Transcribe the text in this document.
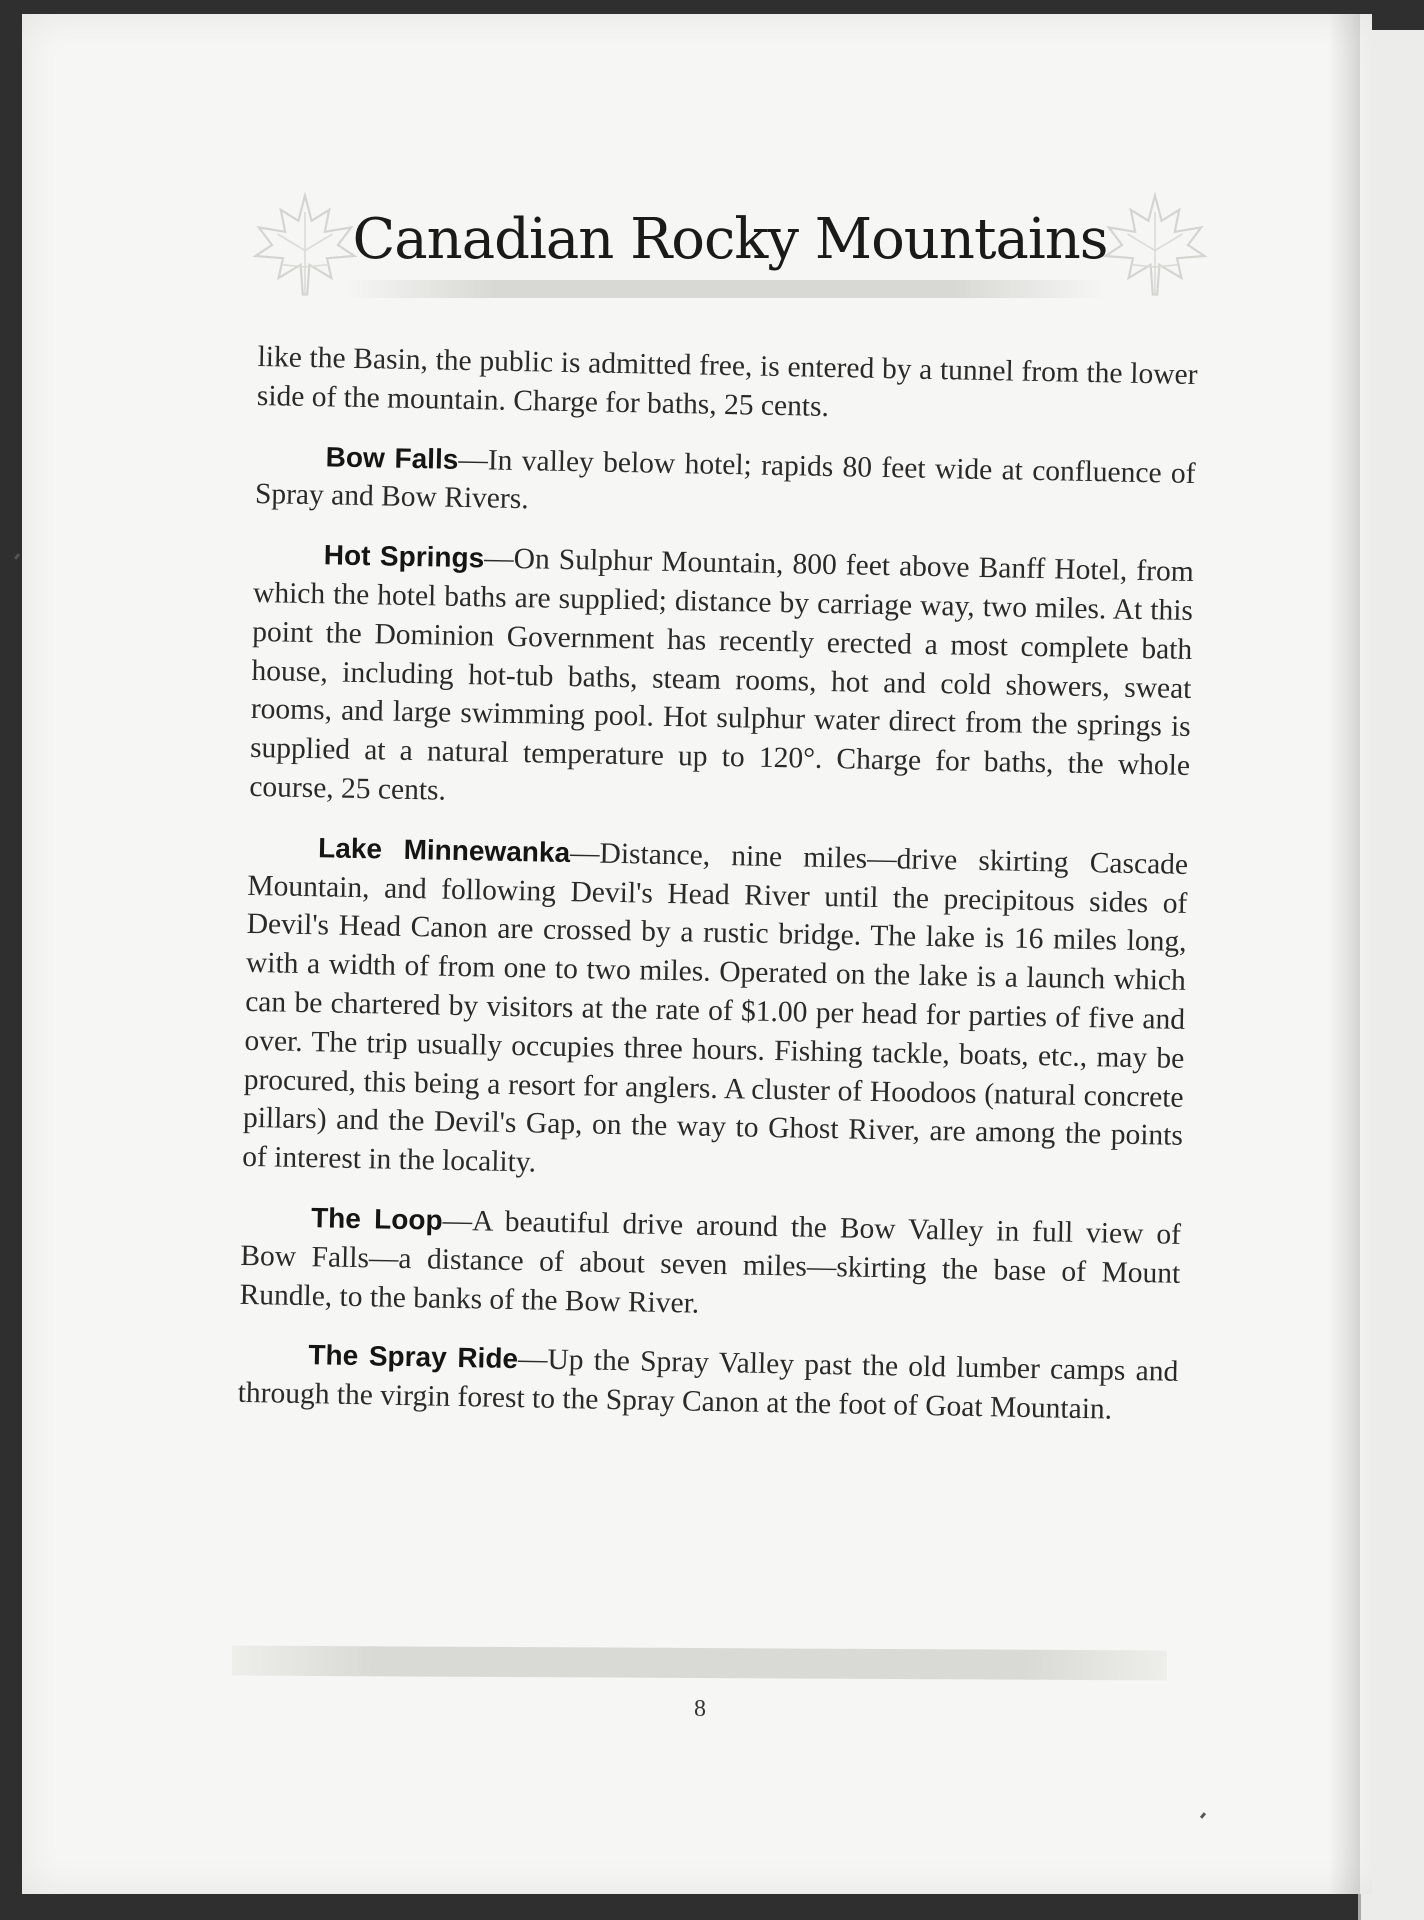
Canadian Rocky Mountains

like the Basin, the public is admitted free, is entered by a tunnel from the lower side of the mountain. Charge for baths, 25 cents.

Bow Falls—In valley below hotel; rapids 80 feet wide at confluence of Spray and Bow Rivers.

Hot Springs—On Sulphur Mountain, 800 feet above Banff Hotel, from which the hotel baths are supplied; distance by carriage way, two miles. At this point the Dominion Government has recently erected a most complete bath house, including hot-tub baths, steam rooms, hot and cold showers, sweat rooms, and large swimming pool. Hot sulphur water direct from the springs is supplied at a natural temperature up to 120°. Charge for baths, the whole course, 25 cents.

Lake Minnewanka—Distance, nine miles—drive skirting Cascade Mountain, and following Devil's Head River until the precipitous sides of Devil's Head Canon are crossed by a rustic bridge. The lake is 16 miles long, with a width of from one to two miles. Operated on the lake is a launch which can be chartered by visitors at the rate of $1.00 per head for parties of five and over. The trip usually occupies three hours. Fishing tackle, boats, etc., may be procured, this being a resort for anglers. A cluster of Hoodoos (natural concrete pillars) and the Devil's Gap, on the way to Ghost River, are among the points of interest in the locality.

The Loop—A beautiful drive around the Bow Valley in full view of Bow Falls—a distance of about seven miles—skirting the base of Mount Rundle, to the banks of the Bow River.

The Spray Ride—Up the Spray Valley past the old lumber camps and through the virgin forest to the Spray Canon at the foot of Goat Mountain.

8
